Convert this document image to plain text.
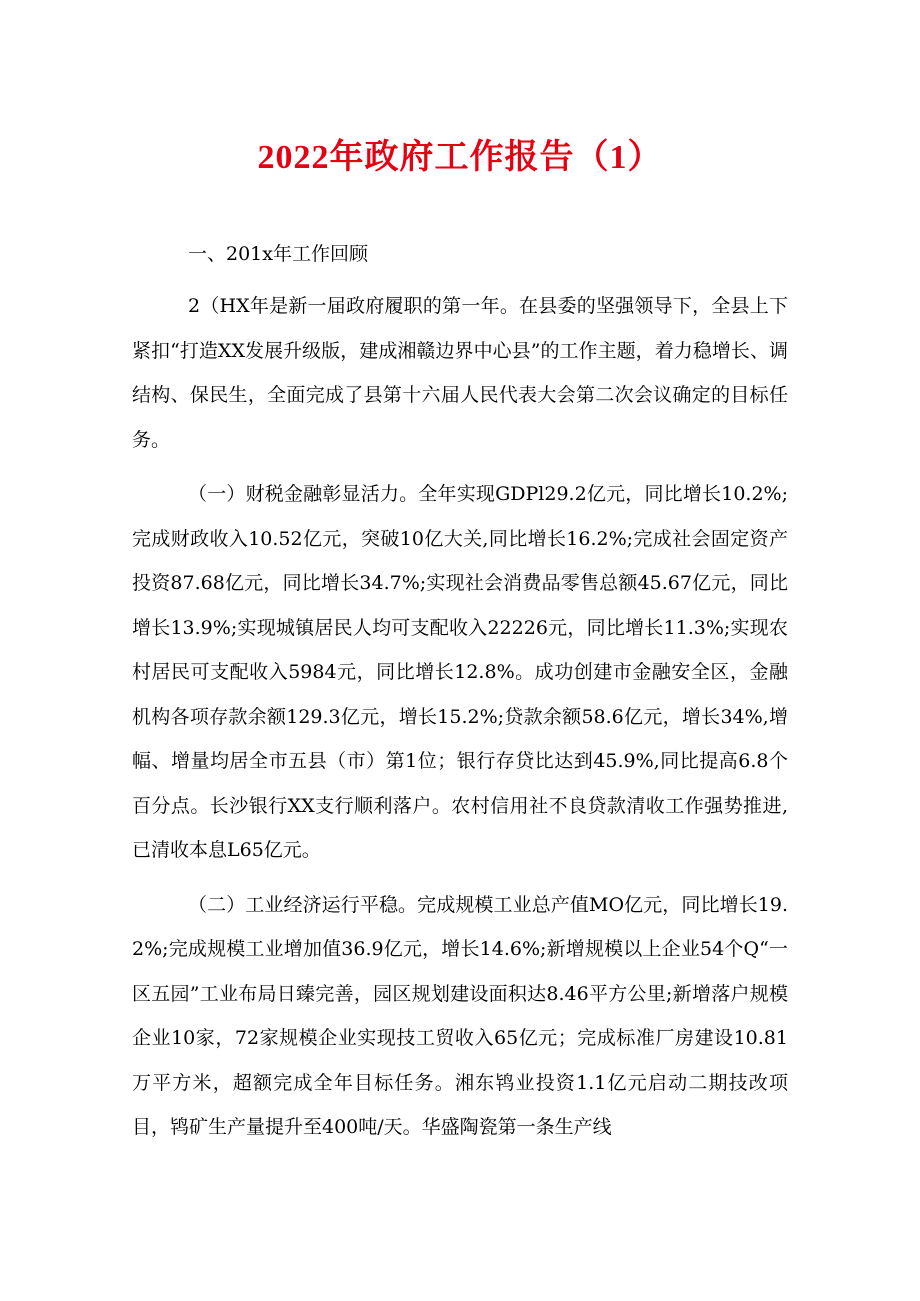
2022年政府工作报告（1）

一、201x年工作回顾

2（HX年是新一届政府履职的第一年。在县委的坚强领导下，全县上下紧扣“打造XX发展升级版，建成湘赣边界中心县”的工作主题，着力稳增长、调结构、保民生，全面完成了县第十六届人民代表大会第二次会议确定的目标任务。

（一）财税金融彰显活力。全年实现GDPl29.2亿元，同比增长10.2%;完成财政收入10.52亿元，突破10亿大关,同比增长16.2%;完成社会固定资产投资87.68亿元，同比增长34.7%;实现社会消费品零售总额45.67亿元，同比增长13.9%;实现城镇居民人均可支配收入22226元，同比增长11.3%;实现农村居民可支配收入5984元，同比增长12.8%。成功创建市金融安全区，金融机构各项存款余额129.3亿元，增长15.2%;贷款余额58.6亿元，增长34%,增幅、增量均居全市五县（市）第1位；银行存贷比达到45.9%,同比提高6.8个百分点。长沙银行XX支行顺利落户。农村信用社不良贷款清收工作强势推进,已清收本息L65亿元。

（二）工业经济运行平稳。完成规模工业总产值MO亿元，同比增长19.2%;完成规模工业增加值36.9亿元，增长14.6%;新增规模以上企业54个Q“一区五园”工业布局日臻完善，园区规划建设面积达8.46平方公里;新增落户规模企业10家，72家规模企业实现技工贸收入65亿元；完成标准厂房建设10.81万平方米，超额完成全年目标任务。湘东鸨业投资1.1亿元启动二期技改项目，鸨矿生产量提升至400吨/天。华盛陶瓷第一条生产线
